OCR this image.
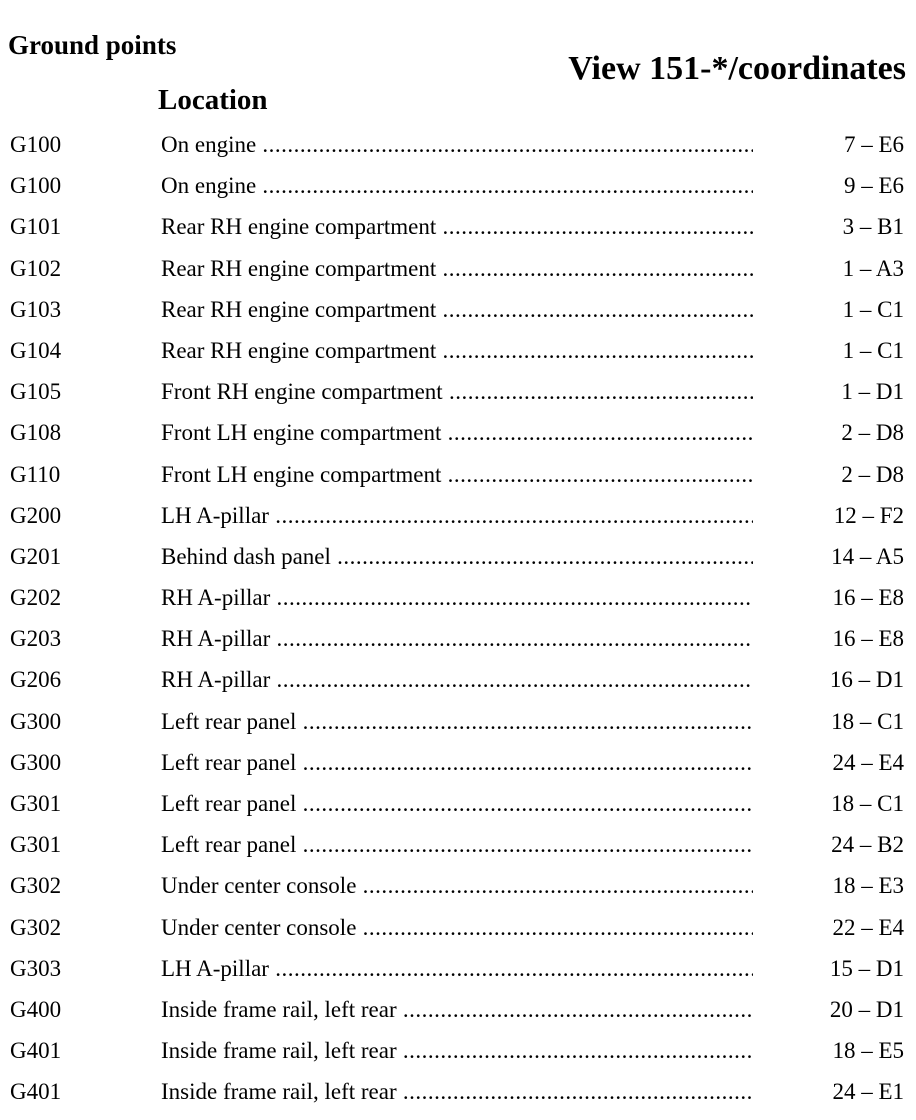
Ground points
View 151-*/coordinates
Location
G100	On engine .....	7 – E6
G100	On engine .....	9 – E6
G101	Rear RH engine compartment .....	3 – B1
G102	Rear RH engine compartment .....	1 – A3
G103	Rear RH engine compartment .....	1 – C1
G104	Rear RH engine compartment .....	1 – C1
G105	Front RH engine compartment .....	1 – D1
G108	Front LH engine compartment .....	2 – D8
G110	Front LH engine compartment .....	2 – D8
G200	LH A-pillar .....	12 – F2
G201	Behind dash panel .....	14 – A5
G202	RH A-pillar .....	16 – E8
G203	RH A-pillar .....	16 – E8
G206	RH A-pillar .....	16 – D1
G300	Left rear panel .....	18 – C1
G300	Left rear panel .....	24 – E4
G301	Left rear panel .....	18 – C1
G301	Left rear panel .....	24 – B2
G302	Under center console .....	18 – E3
G302	Under center console .....	22 – E4
G303	LH A-pillar .....	15 – D1
G400	Inside frame rail, left rear .....	20 – D1
G401	Inside frame rail, left rear .....	18 – E5
G401	Inside frame rail, left rear .....	24 – E1
